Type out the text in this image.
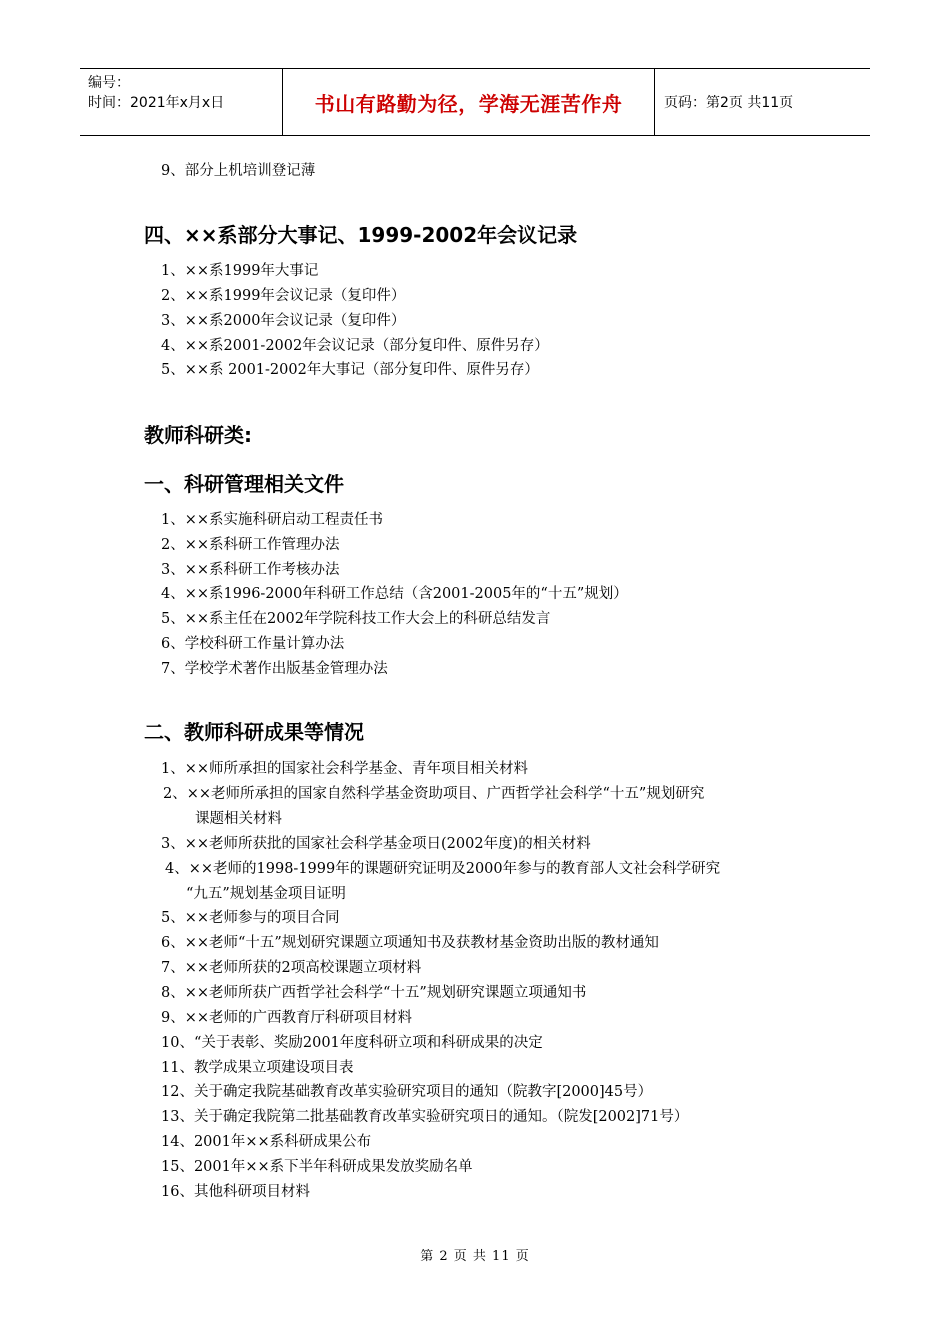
编号：
时间：2021年x月x日	书山有路勤为径，学海无涯苦作舟	页码：第2页 共11页
9、部分上机培训登记薄
四、××系部分大事记、1999-2002年会议记录
1、××系1999年大事记
2、××系1999年会议记录（复印件）
3、××系2000年会议记录（复印件）
4、××系2001-2002年会议记录（部分复印件、原件另存）
5、××系 2001-2002年大事记（部分复印件、原件另存）
教师科研类:
一、科研管理相关文件
1、××系实施科研启动工程责任书
2、××系科研工作管理办法
3、××系科研工作考核办法
4、××系1996-2000年科研工作总结（含2001-2005年的“十五”规划）
5、××系主任在2002年学院科技工作大会上的科研总结发言
6、学校科研工作量计算办法
7、学校学术著作出版基金管理办法
二、教师科研成果等情况
1、××师所承担的国家社会科学基金、青年项目相关材料
2、××老师所承担的国家自然科学基金资助项目、广西哲学社会科学“十五”规划研究
课题相关材料
3、××老师所获批的国家社会科学基金项日(2002年度)的相关材料
4、××老师的1998-1999年的课题研究证明及2000年参与的教育部人文社会科学研究
“九五”规划基金项目证明
5、××老师参与的项目合同
6、××老师“十五”规划研究课题立项通知书及获教材基金资助出版的教材通知
7、××老师所获的2项高校课题立项材料
8、××老师所获广西哲学社会科学“十五”规划研究课题立项通知书
9、××老师的广西教育厅科研项目材料
10、“关于表彰、奖励2001年度科研立项和科研成果的决定
11、教学成果立项建设项目表
12、关于确定我院基础教育改革实验研究项目的通知（院教字[2000]45号）
13、关于确定我院第二批基础教育改革实验研究项日的通知。（院发[2002]71号）
14、2001年××系科研成果公布
15、2001年××系下半年科研成果发放奖励名单
16、其他科研项目材料
第 2 页 共 11 页
